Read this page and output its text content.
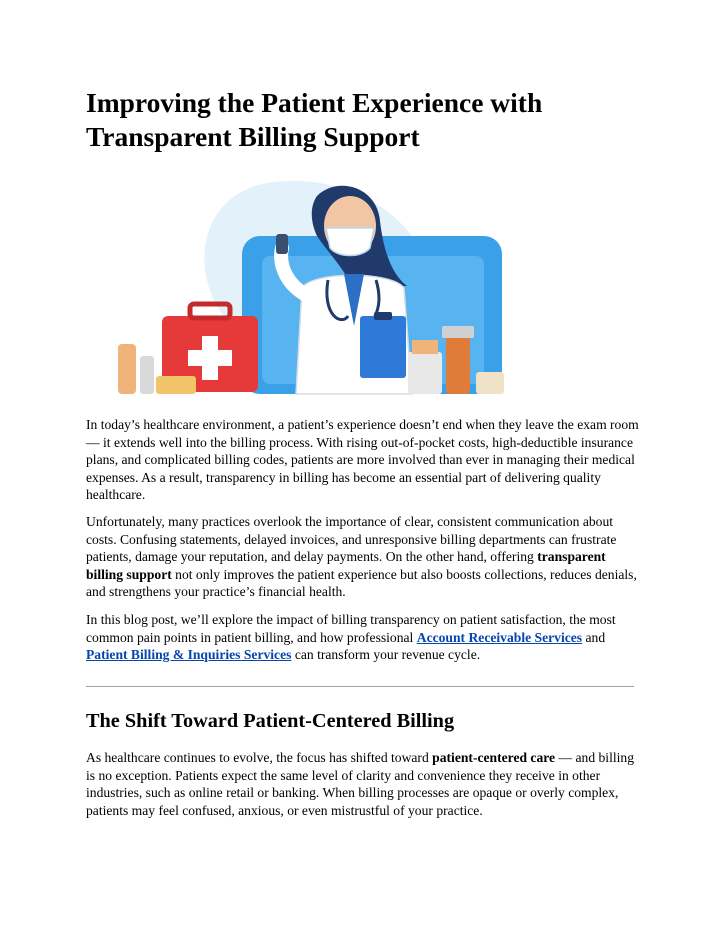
Improving the Patient Experience with Transparent Billing Support

In today’s healthcare environment, a patient’s experience doesn’t end when they leave the exam room — it extends well into the billing process. With rising out-of-pocket costs, high-deductible insurance plans, and complicated billing codes, patients are more involved than ever in managing their medical expenses. As a result, transparency in billing has become an essential part of delivering quality healthcare.

Unfortunately, many practices overlook the importance of clear, consistent communication about costs. Confusing statements, delayed invoices, and unresponsive billing departments can frustrate patients, damage your reputation, and delay payments. On the other hand, offering transparent billing support not only improves the patient experience but also boosts collections, reduces denials, and strengthens your practice’s financial health.

In this blog post, we’ll explore the impact of billing transparency on patient satisfaction, the most common pain points in patient billing, and how professional Account Receivable Services and Patient Billing & Inquiries Services can transform your revenue cycle.

The Shift Toward Patient-Centered Billing

As healthcare continues to evolve, the focus has shifted toward patient-centered care — and billing is no exception. Patients expect the same level of clarity and convenience they receive in other industries, such as online retail or banking. When billing processes are opaque or overly complex, patients may feel confused, anxious, or even mistrustful of your practice.
